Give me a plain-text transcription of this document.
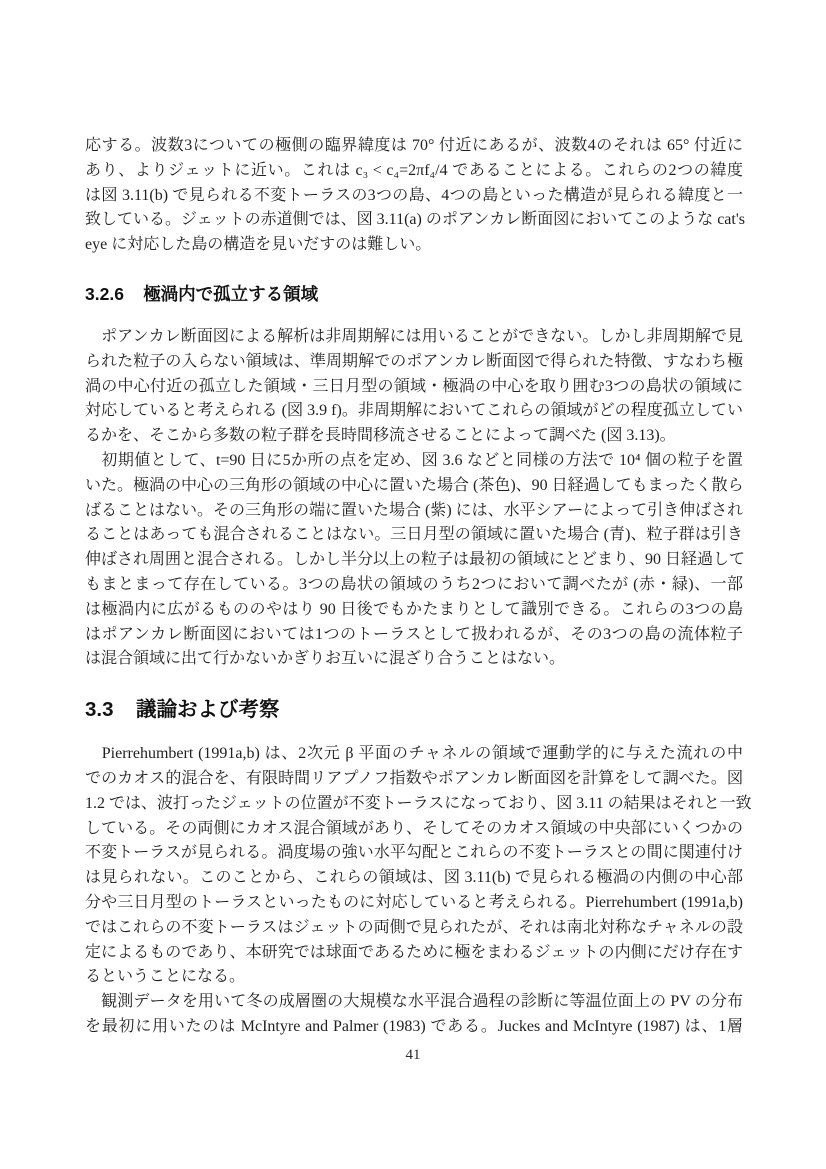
応する。波数3についての極側の臨界緯度は 70° 付近にあるが、波数4のそれは 65° 付近に
あり、よりジェットに近い。これは c₃ < c₄=2πf₄/4 であることによる。これらの2つの緯度
は図 3.11(b) で見られる不変トーラスの3つの島、4つの島といった構造が見られる緯度と一
致している。ジェットの赤道側では、図 3.11(a) のポアンカレ断面図においてこのような cat's
eye に対応した島の構造を見いだすのは難しい。
3.2.6 極渦内で孤立する領域
　ポアンカレ断面図による解析は非周期解には用いることができない。しかし非周期解で見
られた粒子の入らない領域は、準周期解でのポアンカレ断面図で得られた特徴、すなわち極
渦の中心付近の孤立した領域・三日月型の領域・極渦の中心を取り囲む3つの島状の領域に
対応していると考えられる (図 3.9 f)。非周期解においてこれらの領域がどの程度孤立してい
るかを、そこから多数の粒子群を長時間移流させることによって調べた (図 3.13)。
　初期値として、t=90 日に5か所の点を定め、図 3.6 などと同様の方法で 10⁴ 個の粒子を置
いた。極渦の中心の三角形の領域の中心に置いた場合 (茶色)、90 日経過してもまったく散ら
ばることはない。その三角形の端に置いた場合 (紫) には、水平シアーによって引き伸ばされ
ることはあっても混合されることはない。三日月型の領域に置いた場合 (青)、粒子群は引き
伸ばされ周囲と混合される。しかし半分以上の粒子は最初の領域にとどまり、90 日経過して
もまとまって存在している。3つの島状の領域のうち2つにおいて調べたが (赤・緑)、一部
は極渦内に広がるもののやはり 90 日後でもかたまりとして識別できる。これらの3つの島
はポアンカレ断面図においては1つのトーラスとして扱われるが、その3つの島の流体粒子
は混合領域に出て行かないかぎりお互いに混ざり合うことはない。
3.3 議論および考察
　Pierrehumbert (1991a,b) は、2次元 β 平面のチャネルの領域で運動学的に与えた流れの中
でのカオス的混合を、有限時間リアプノフ指数やポアンカレ断面図を計算をして調べた。図
1.2 では、波打ったジェットの位置が不変トーラスになっており、図 3.11 の結果はそれと一致
している。その両側にカオス混合領域があり、そしてそのカオス領域の中央部にいくつかの
不変トーラスが見られる。渦度場の強い水平勾配とこれらの不変トーラスとの間に関連付け
は見られない。このことから、これらの領域は、図 3.11(b) で見られる極渦の内側の中心部
分や三日月型のトーラスといったものに対応していると考えられる。Pierrehumbert (1991a,b)
ではこれらの不変トーラスはジェットの両側で見られたが、それは南北対称なチャネルの設
定によるものであり、本研究では球面であるために極をまわるジェットの内側にだけ存在す
るということになる。
　観測データを用いて冬の成層圏の大規模な水平混合過程の診断に等温位面上の PV の分布
を最初に用いたのは McIntyre and Palmer (1983) である。Juckes and McIntyre (1987) は、1層
41
